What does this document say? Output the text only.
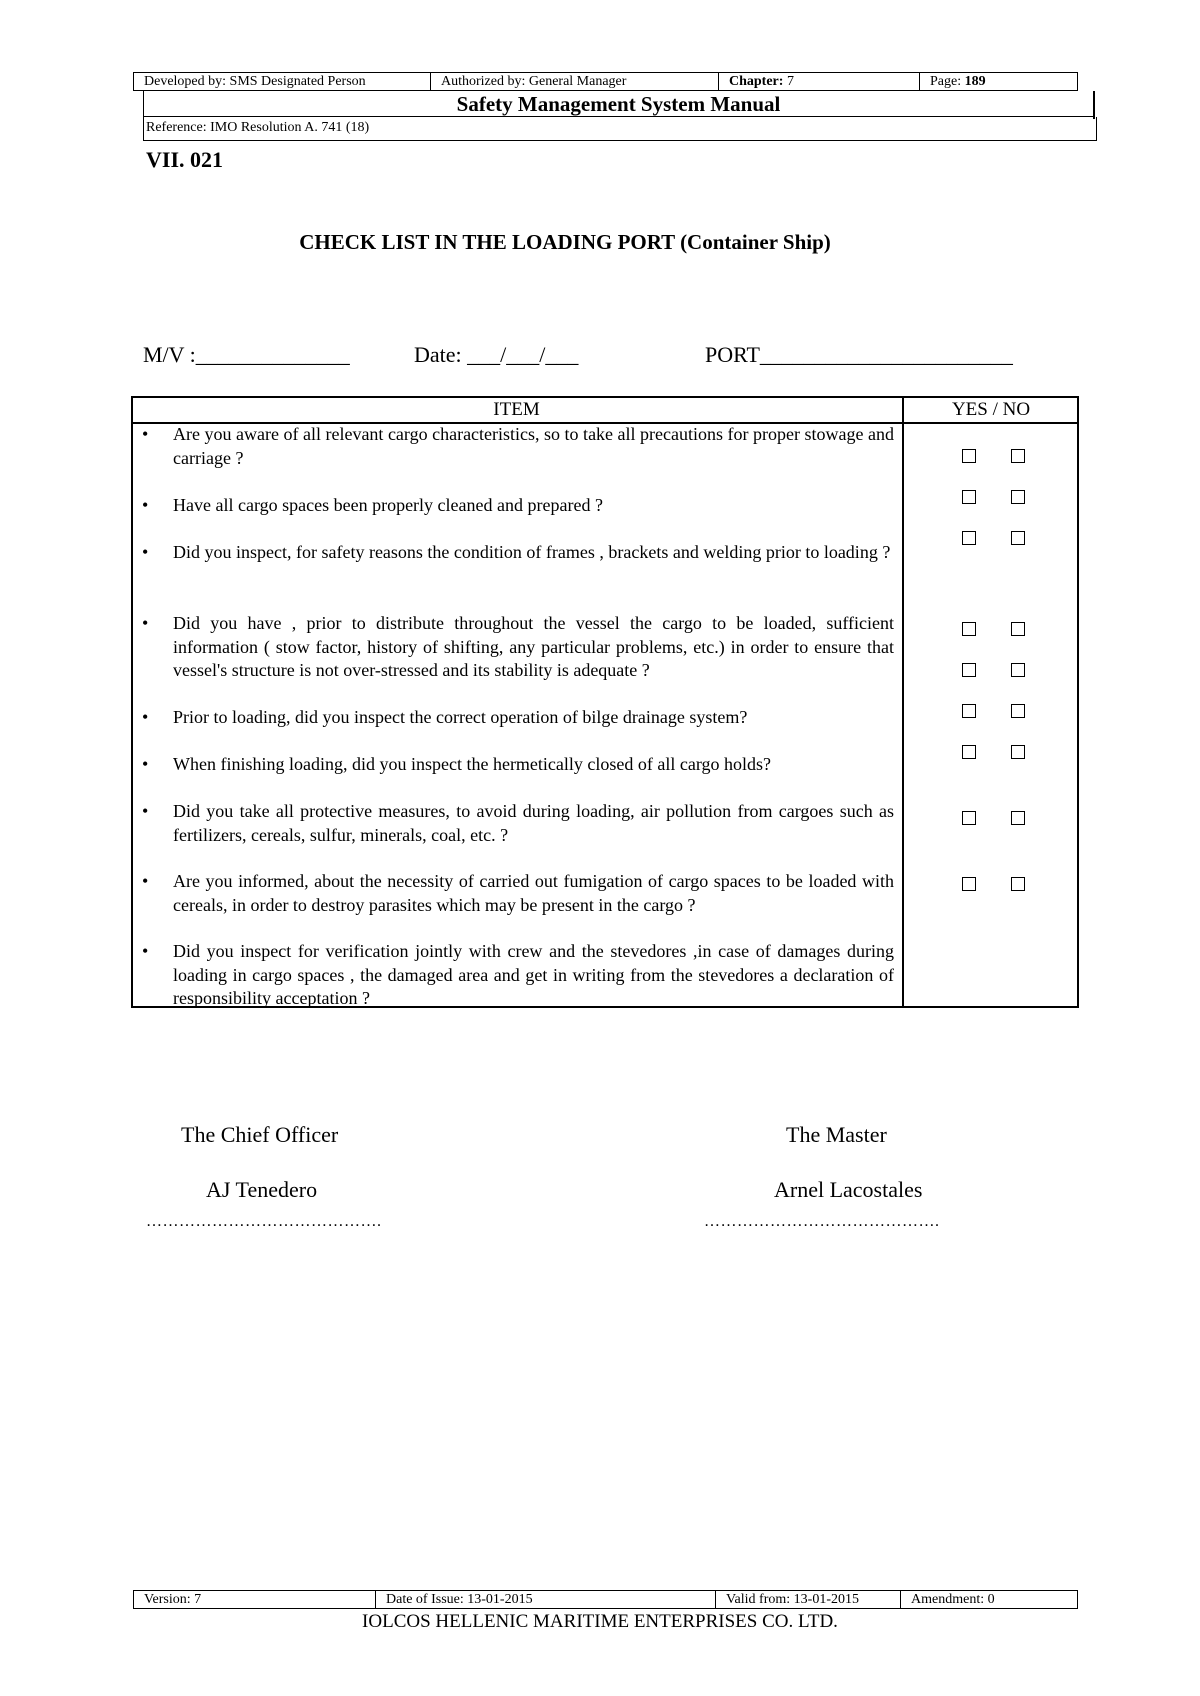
Developed by: SMS Designated Person	Authorized by: General Manager	Chapter: 7	Page: 189
Safety Management System Manual
Reference: IMO Resolution A. 741 (18)
VII. 021
CHECK LIST IN THE LOADING PORT (Container Ship)
M/V :______________	Date: ___/___/___	PORT_______________________
ITEM	YES / NO
•	Are you aware of all relevant cargo characteristics, so to take all precautions for proper stowage and carriage ?
•	Have all cargo spaces been properly cleaned and prepared ?
•	Did you inspect, for safety reasons the condition of frames , brackets and welding prior to loading ?
•	Did you have , prior to distribute throughout the vessel the cargo to be loaded, sufficient information ( stow factor, history of shifting, any particular problems, etc.) in order to ensure that vessel's structure is not over-stressed and its stability is adequate ?
•	Prior to loading, did you inspect the correct operation of bilge drainage system?
•	When finishing loading, did you inspect the hermetically closed of all cargo holds?
•	Did you take all protective measures, to avoid during loading, air pollution from cargoes such as fertilizers, cereals, sulfur, minerals, coal, etc. ?
•	Are you informed, about the necessity of carried out fumigation of cargo spaces to be loaded with cereals, in order to destroy parasites which may be present in the cargo ?
•	Did you inspect for verification jointly with crew and the stevedores ,in case of damages during loading in cargo spaces , the damaged area and get in writing from the stevedores a declaration of responsibility acceptation ?
The Chief Officer
AJ Tenedero
…………………………………….
The Master
Arnel Lacostales
…………………………………….
Version: 7	Date of Issue: 13-01-2015	Valid from: 13-01-2015	Amendment: 0
IOLCOS HELLENIC MARITIME ENTERPRISES CO. LTD.
